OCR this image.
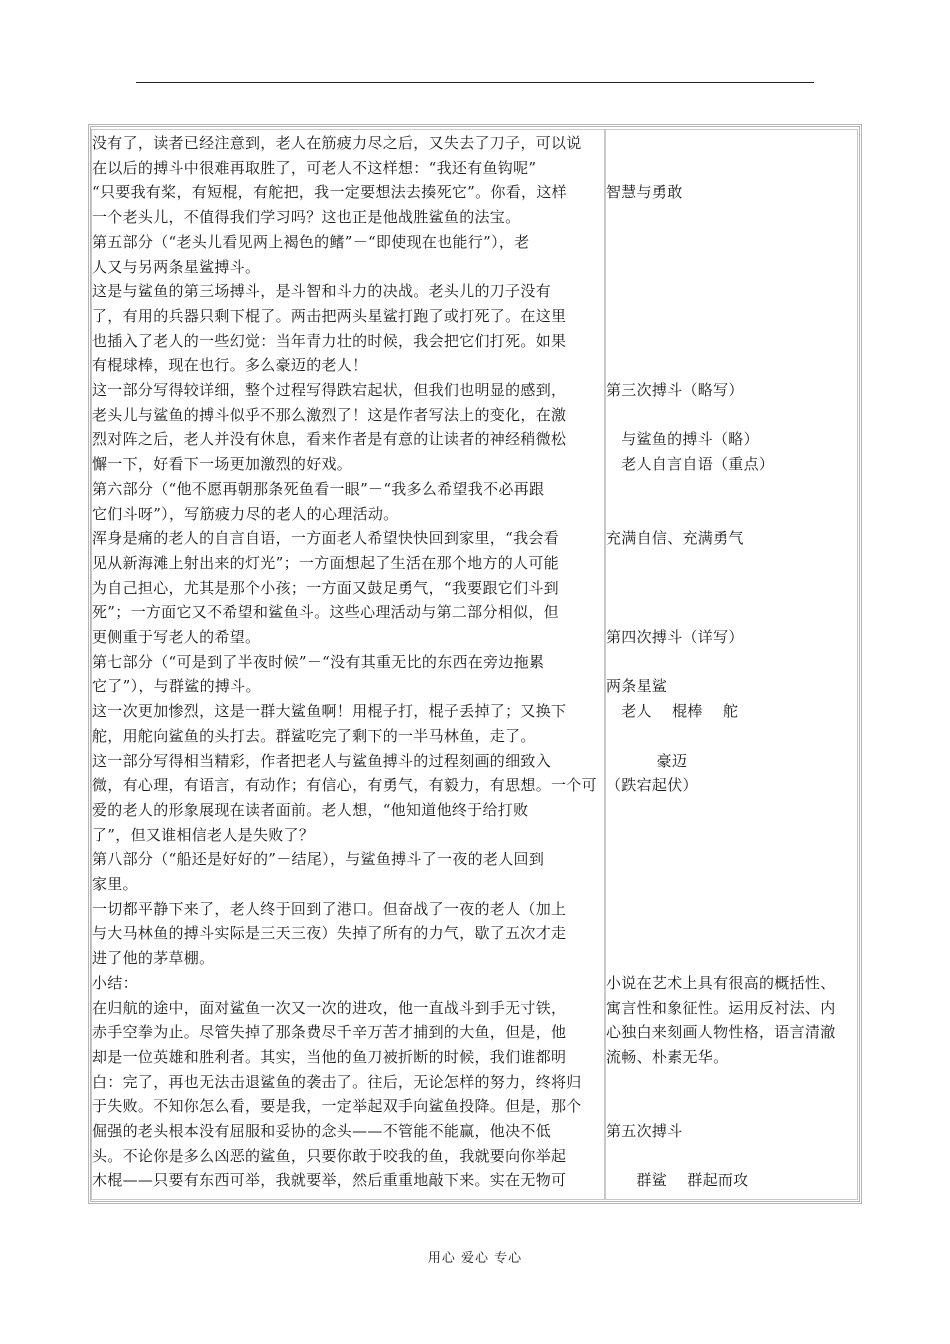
没有了，读者已经注意到，老人在筋疲力尽之后，又失去了刀子，可以说
在以后的搏斗中很难再取胜了，可老人不这样想：“我还有鱼钩呢”
“只要我有桨，有短棍，有舵把，我一定要想法去揍死它”。你看，这样
一个老头儿，不值得我们学习吗？这也正是他战胜鲨鱼的法宝。
第五部分（“老头儿看见两上褐色的鳍”－“即使现在也能行”），老
人又与另两条星鲨搏斗。
这是与鲨鱼的第三场搏斗，是斗智和斗力的决战。老头儿的刀子没有
了，有用的兵器只剩下棍了。两击把两头星鲨打跑了或打死了。在这里
也插入了老人的一些幻觉：当年青力壮的时候，我会把它们打死。如果
有棍球棒，现在也行。多么豪迈的老人！
这一部分写得较详细，整个过程写得跌宕起状，但我们也明显的感到，
老头儿与鲨鱼的搏斗似乎不那么激烈了！这是作者写法上的变化，在激
烈对阵之后，老人并没有休息，看来作者是有意的让读者的神经稍微松
懈一下，好看下一场更加激烈的好戏。
第六部分（“他不愿再朝那条死鱼看一眼”－“我多么希望我不必再跟
它们斗呀”），写筋疲力尽的老人的心理活动。
浑身是痛的老人的自言自语，一方面老人希望快快回到家里，“我会看
见从新海滩上射出来的灯光”；一方面想起了生活在那个地方的人可能
为自己担心，尤其是那个小孩；一方面又鼓足勇气，“我要跟它们斗到
死”；一方面它又不希望和鲨鱼斗。这些心理活动与第二部分相似，但
更侧重于写老人的希望。
第七部分（“可是到了半夜时候”－“没有其重无比的东西在旁边拖累
它了”），与群鲨的搏斗。
这一次更加惨烈，这是一群大鲨鱼啊！用棍子打，棍子丢掉了；又换下
舵，用舵向鲨鱼的头打去。群鲨吃完了剩下的一半马林鱼，走了。
这一部分写得相当精彩，作者把老人与鲨鱼搏斗的过程刻画的细致入
微，有心理，有语言，有动作；有信心，有勇气，有毅力，有思想。一个可
爱的老人的形象展现在读者面前。老人想，“他知道他终于给打败
了”，但又谁相信老人是失败了？
第八部分（“船还是好好的”－结尾），与鲨鱼搏斗了一夜的老人回到
家里。
一切都平静下来了，老人终于回到了港口。但奋战了一夜的老人（加上
与大马林鱼的搏斗实际是三天三夜）失掉了所有的力气，歇了五次才走
进了他的茅草棚。
小结：
在归航的途中，面对鲨鱼一次又一次的进攻，他一直战斗到手无寸铁，
赤手空拳为止。尽管失掉了那条费尽千辛万苦才捕到的大鱼，但是，他
却是一位英雄和胜利者。其实，当他的鱼刀被折断的时候，我们谁都明
白：完了，再也无法击退鲨鱼的袭击了。往后，无论怎样的努力，终将归
于失败。不知你怎么看，要是我，一定举起双手向鲨鱼投降。但是，那个
倔强的老头根本没有屈服和妥协的念头——不管能不能赢，他决不低
头。不论你是多么凶恶的鲨鱼，只要你敢于咬我的鱼，我就要向你举起
木棍——只要有东西可举，我就要举，然后重重地敲下来。实在无物可
智慧与勇敢
第三次搏斗（略写）
与鲨鱼的搏斗（略）
老人自言自语（重点）
充满自信、充满勇气
第四次搏斗（详写）
两条星鲨
老人    棍棒    舵
豪迈
（跌宕起伏）
小说在艺术上具有很高的概括性、
寓言性和象征性。运用反衬法、内
心独白来刻画人物性格，语言清澈
流畅、朴素无华。
第五次搏斗
群鲨    群起而攻
用心 爱心 专心
